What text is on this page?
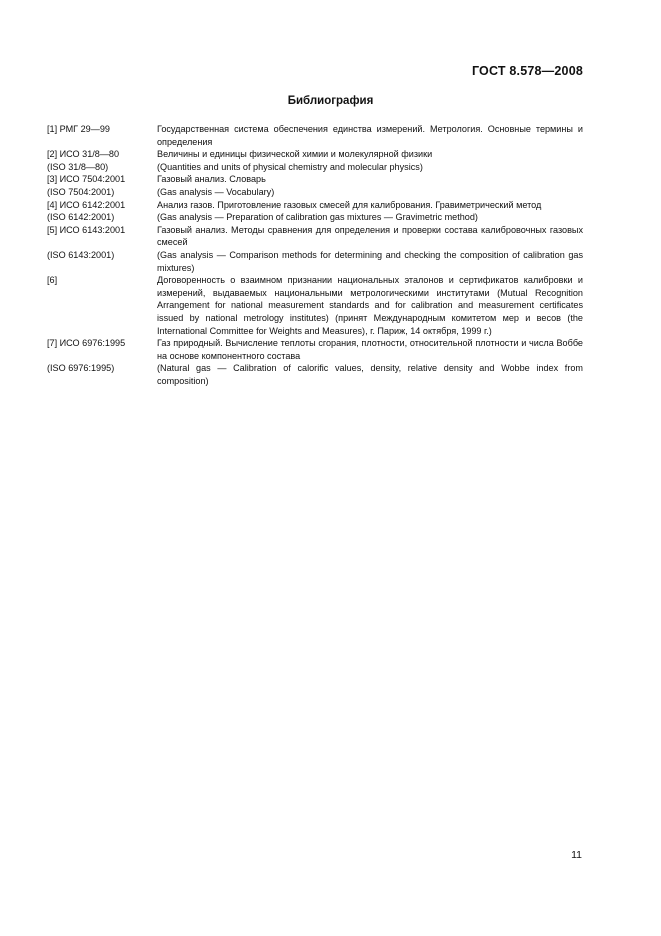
ГОСТ 8.578—2008
Библиография
[1] РМГ 29—99	Государственная система обеспечения единства измерений. Метрология. Основные термины и определения
[2] ИСО 31/8—80	Величины и единицы физической химии и молекулярной физики
(ISO 31/8—80)	(Quantities and units of physical chemistry and molecular physics)
[3] ИСО 7504:2001	Газовый анализ. Словарь
(ISO 7504:2001)	(Gas analysis — Vocabulary)
[4] ИСО 6142:2001	Анализ газов. Приготовление газовых смесей для калибрования. Гравиметрический метод
(ISO 6142:2001)	(Gas analysis — Preparation of calibration gas mixtures — Gravimetric method)
[5] ИСО 6143:2001	Газовый анализ. Методы сравнения для определения и проверки состава калибровочных газовых смесей
(ISO 6143:2001)	(Gas analysis — Comparison methods for determining and checking the composition of calibration gas mixtures)
[6]	Договоренность о взаимном признании национальных эталонов и сертификатов калибровки и измерений, выдаваемых национальными метрологическими институтами (Mutual Recognition Arrangement for national measurement standards and for calibration and measurement certificates issued by national metrology institutes) (принят Международным комитетом мер и весов (the International Committee for Weights and Measures), г. Париж, 14 октября, 1999 г.)
[7] ИСО 6976:1995	Газ природный. Вычисление теплоты сгорания, плотности, относительной плотности и числа Воббе на основе компонентного состава
(ISO 6976:1995)	(Natural gas — Calibration of calorific values, density, relative density and Wobbe index from composition)
11
